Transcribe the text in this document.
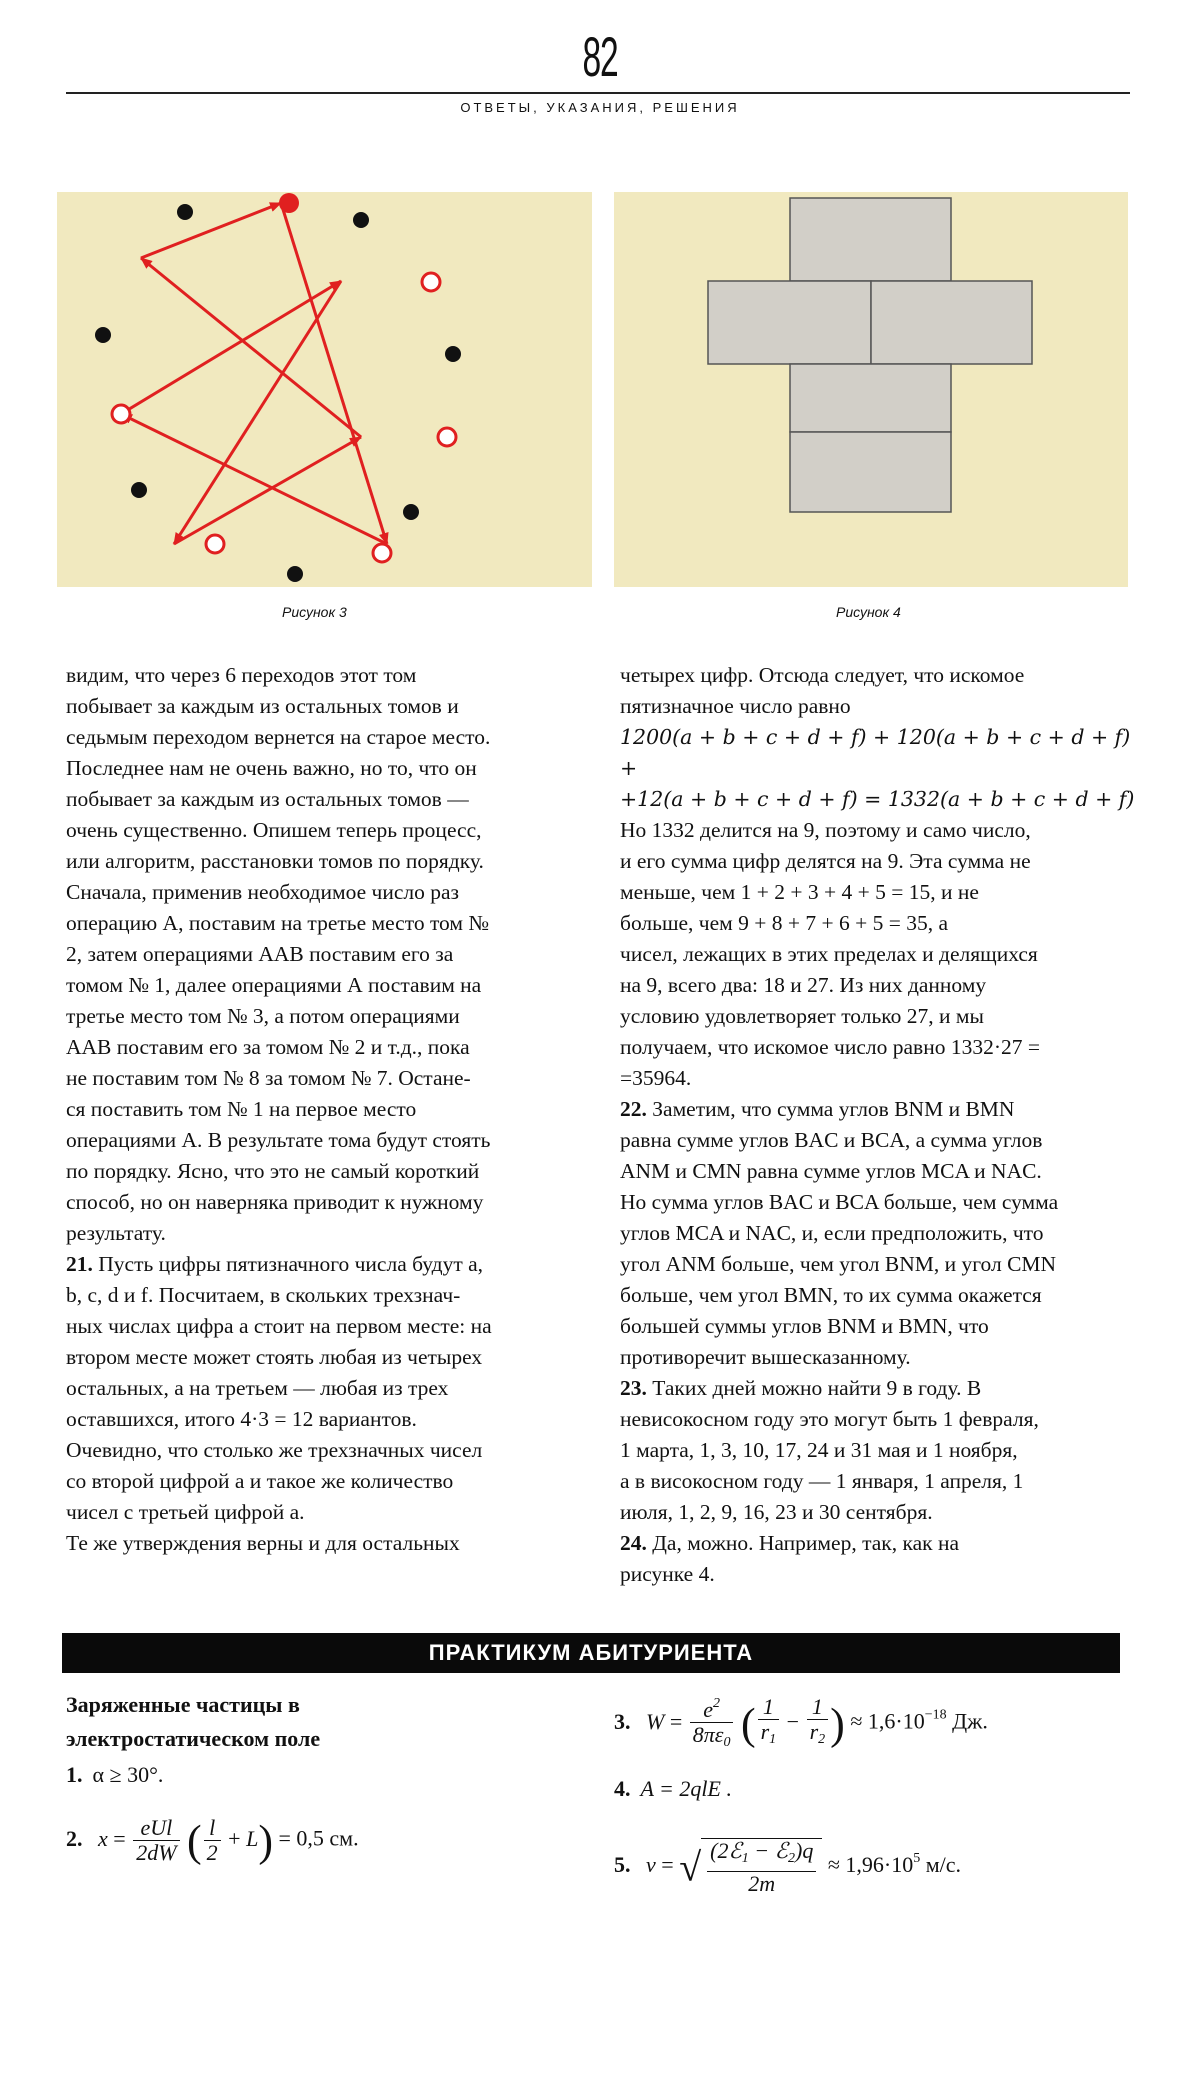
82
ОТВЕТЫ, УКАЗАНИЯ, РЕШЕНИЯ
Рисунок 3	Рисунок 4

видим, что через 6 переходов этот том

побывает за каждым из остальных томов и

седьмым переходом вернется на старое место.

Последнее нам не очень важно, но то, что он

побывает за каждым из остальных томов —

очень существенно. Опишем теперь процесс,

или алгоритм, расстановки томов по порядку.

Сначала, применив необходимое число раз

операцию А, поставим на третье место том №

2, затем операциями ААВ поставим его за

томом № 1, далее операциями А поставим на

третье место том № 3, а потом операциями

ААВ поставим его за томом № 2 и т.д., пока

не поставим том № 8 за томом № 7. Остане-

ся поставить том № 1 на первое место

операциями А. В результате тома будут стоять

по порядку. Ясно, что это не самый короткий

способ, но он наверняка приводит к нужному

результату.

21. Пусть цифры пятизначного числа будут a,

b, c, d и f. Посчитаем, в скольких трехзнач-

ных числах цифра a стоит на первом месте: на

втором месте может стоять любая из четырех

остальных, а на третьем — любая из трех

оставшихся, итого 4·3 = 12 вариантов.

Очевидно, что столько же трехзначных чисел

со второй цифрой a и такое же количество

чисел с третьей цифрой a.

Те же утверждения верны и для остальных

четырех цифр. Отсюда следует, что искомое

пятизначное число равно

1200(a + b + c + d + f) + 120(a + b + c + d + f) +

+12(a + b + c + d + f) = 1332(a + b + c + d + f)

Но 1332 делится на 9, поэтому и само число,

и его сумма цифр делятся на 9. Эта сумма не

меньше, чем 1 + 2 + 3 + 4 + 5 = 15, и не

больше, чем 9 + 8 + 7 + 6 + 5 = 35, а

чисел, лежащих в этих пределах и делящихся

на 9, всего два: 18 и 27. Из них данному

условию удовлетворяет только 27, и мы

получаем, что искомое число равно 1332·27 =

=35964.

22. Заметим, что сумма углов BNM и BMN

равна сумме углов BAC и BCA, а сумма углов

ANM и CMN равна сумме углов MCA и NAC.

Но сумма углов BAC и BCA больше, чем сумма

углов MCA и NAC, и, если предположить, что

угол ANM больше, чем угол BNM, и угол CMN

больше, чем угол BMN, то их сумма окажется

большей суммы углов BNM и BMN, что

противоречит вышесказанному.

23. Таких дней можно найти 9 в году. В

невисокосном году это могут быть 1 февраля,

1 марта, 1, 3, 10, 17, 24 и 31 мая и 1 ноября,

а в високосном году — 1 января, 1 апреля, 1

июля, 1, 2, 9, 16, 23 и 30 сентября.

24. Да, можно. Например, так, как на

рисунке 4.

ПРАКТИКУМ АБИТУРИЕНТА
Заряженные частицы в
электростатическом поле
1. α ≥ 30°.
2. $x = \frac{\text{eUl}}{2dW}$ ( $\frac{l}{2} + L) = 0,5$ см.
3. $W = \frac{e^2}{8\pi\varepsilon_0}$ ( $\frac{1}{r_1} - \frac{1}{r_2}$ ) ≈ $1,6\cdot 10^{-18}$ Дж.
4. A = 2qlE .
5. v = √ $\frac{(2ℰ_1 - ℰ_2)q}{2m} \approx 1,96\cdot 10^5$ м/с.
